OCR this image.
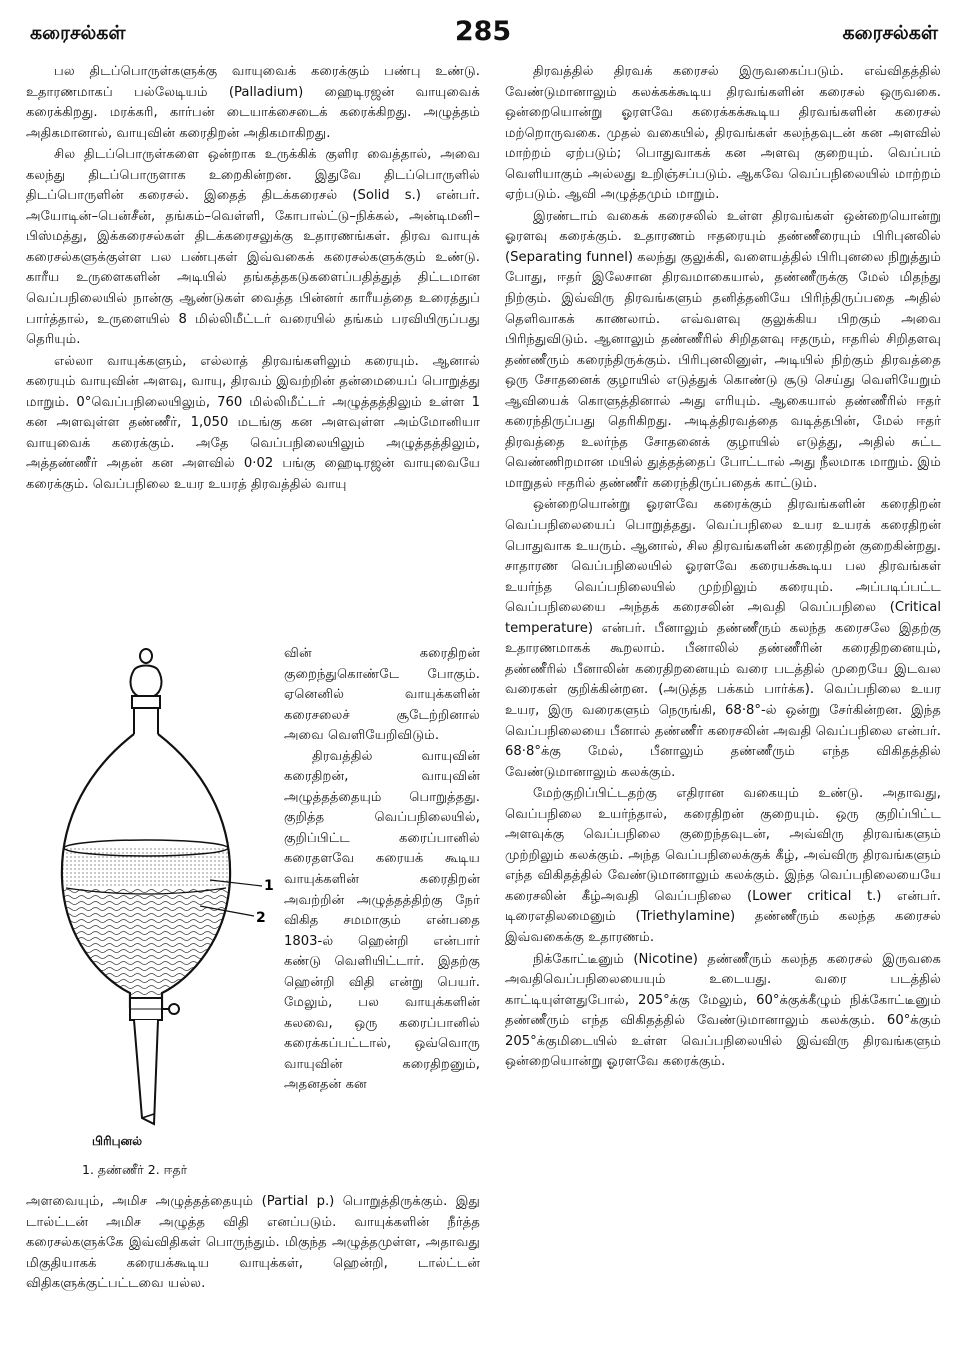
கரைசல்கள்	285	கரைசல்கள்

பல திடப்பொருள்களுக்கு வாயுவைக் கரைக்கும் பண்பு உண்டு. உதாரணமாகப் பல்லேடியம் (Palladium) ஹைடிரஜன் வாயுவைக் கரைக்கிறது. மரக்கரி, கார்பன் டையாக்சைடைக் கரைக்கிறது. அழுத்தம் அதிகமானால், வாயுவின் கரைதிறன் அதிகமாகிறது.

சில திடப்பொருள்களை ஒன்றாக உருக்கிக் குளிர வைத்தால், அவை கலந்து திடப்பொருளாக உறைகின்றன. இதுவே திடப்பொருளில் திடப்பொருளின் கரைசல். இதைத் திடக்கரைசல் (Solid s.) என்பர். அயோடின்–பென்சீன், தங்கம்–வெள்ளி, கோபால்ட்டு–நிக்கல், அன்டிமனி–பிஸ்மத்து, இக்கரைசல்கள் திடக்கரைசலுக்கு உதாரணங்கள். திரவ வாயுக் கரைசல்களுக்குள்ள பல பண்புகள் இவ்வகைக் கரைசல்களுக்கும் உண்டு. காரீய உருளைகளின் அடியில் தங்கத்தகடுகளைப்பதித்துத் திட்டமான வெப்பநிலையில் நான்கு ஆண்டுகள் வைத்த பின்னர் காரீயத்தை உரைத்துப் பார்த்தால், உருளையில் 8 மில்லிமீட்டர் வரையில் தங்கம் பரவியிருப்பது தெரியும்.

எல்லா வாயுக்களும், எல்லாத் திரவங்களிலும் கரையும். ஆனால் கரையும் வாயுவின் அளவு, வாயு, திரவம் இவற்றின் தன்மையைப் பொறுத்து மாறும். 0°வெப்பநிலையிலும், 760 மில்லிமீட்டர் அழுத்தத்திலும் உள்ள 1 கன அளவுள்ள தண்ணீர், 1,050 மடங்கு கன அளவுள்ள அம்மோனியா வாயுவைக் கரைக்கும். அதே வெப்பநிலையிலும் அழுத்தத்திலும், அத்தண்ணீர் அதன் கன அளவில் 0·02 பங்கு ஹைடிரஜன் வாயுவையே கரைக்கும். வெப்பநிலை உயர உயரத் திரவத்தில் வாயு

1
2
பிரிபுனல்
1. தண்ணீர் 2. ஈதர்

வின் கரைதிறன் குறைந்துகொண்டே போகும். ஏனெனில் வாயுக்களின் கரைசலைச் சூடேற்றினால் அவை வெளியேறிவிடும்.

திரவத்தில் வாயுவின் கரைதிறன், வாயுவின் அழுத்தத்தையும் பொறுத்தது. குறித்த வெப்பநிலையில், குறிப்பிட்ட கரைப்பானில் கரைதளவே கரையக் கூடிய வாயுக்களின் கரைதிறன் அவற்றின் அழுத்தத்திற்கு நேர் விகித சமமாகும் என்பதை 1803-ல் ஹென்றி என்பார் கண்டு வெளியிட்டார். இதற்கு ஹென்றி விதி என்று பெயர். மேலும், பல வாயுக்களின் கலவை, ஒரு கரைப்பானில் கரைக்கப்பட்டால், ஒவ்வொரு வாயுவின் கரைதிறனும், அதனதன் கன

அளவையும், அமிச அழுத்தத்தையும் (Partial p.) பொறுத்திருக்கும். இது டால்ட்டன் அமிச அழுத்த விதி எனப்படும். வாயுக்களின் நீர்த்த கரைசல்களுக்கே இவ்விதிகள் பொருந்தும். மிகுந்த அழுத்தமுள்ள, அதாவது மிகுதியாகக் கரையக்கூடிய வாயுக்கள், ஹென்றி, டால்ட்டன் விதிகளுக்குட்பட்டவை யல்ல.

திரவத்தில் திரவக் கரைசல் இருவகைப்படும். எவ்விதத்தில் வேண்டுமானாலும் கலக்கக்கூடிய திரவங்களின் கரைசல் ஒருவகை. ஒன்றையொன்று ஓரளவே கரைக்கக்கூடிய திரவங்களின் கரைசல் மற்றொருவகை. முதல் வகையில், திரவங்கள் கலந்தவுடன் கன அளவில் மாற்றம் ஏற்படும்; பொதுவாகக் கன அளவு குறையும். வெப்பம் வெளியாகும் அல்லது உறிஞ்சப்படும். ஆகவே வெப்பநிலையில் மாற்றம் ஏற்படும். ஆவி அழுத்தமும் மாறும்.

இரண்டாம் வகைக் கரைசலில் உள்ள திரவங்கள் ஒன்றையொன்று ஓரளவு கரைக்கும். உதாரணம் ஈதரையும் தண்ணீரையும் பிரிபுனலில் (Separating funnel) கலந்து குலுக்கி, வளையத்தில் பிரிபுனலை நிறுத்தும் போது, ஈதர் இலேசான திரவமாகையால், தண்ணீருக்கு மேல் மிதந்து நிற்கும். இவ்விரு திரவங்களும் தனித்தனியே பிரிந்திருப்பதை அதில் தெளிவாகக் காணலாம். எவ்வளவு குலுக்கிய பிறகும் அவை பிரிந்துவிடும். ஆனாலும் தண்ணீரில் சிறிதளவு ஈதரும், ஈதரில் சிறிதளவு தண்ணீரும் கரைந்திருக்கும். பிரிபுனலினுள், அடியில் நிற்கும் திரவத்தை ஒரு சோதனைக் குழாயில் எடுத்துக் கொண்டு சூடு செய்து வெளியேறும் ஆவியைக் கொளுத்தினால் அது எரியும். ஆகையால் தண்ணீரில் ஈதர் கரைந்திருப்பது தெரிகிறது. அடித்திரவத்தை வடித்தபின், மேல் ஈதர் திரவத்தை உலர்ந்த சோதனைக் குழாயில் எடுத்து, அதில் சுட்ட வெண்ணிறமான மயில் துத்தத்தைப் போட்டால் அது நீலமாக மாறும். இம் மாறுதல் ஈதரில் தண்ணீர் கரைந்திருப்பதைக் காட்டும்.

ஒன்றையொன்று ஓரளவே கரைக்கும் திரவங்களின் கரைதிறன் வெப்பநிலையைப் பொறுத்தது. வெப்பநிலை உயர உயரக் கரைதிறன் பொதுவாக உயரும். ஆனால், சில திரவங்களின் கரைதிறன் குறைகின்றது. சாதாரண வெப்பநிலையில் ஓரளவே கரையக்கூடிய பல திரவங்கள் உயர்ந்த வெப்பநிலையில் முற்றிலும் கரையும். அப்படிப்பட்ட வெப்பநிலையை அந்தக் கரைசலின் அவதி வெப்பநிலை (Critical temperature) என்பர். பீனாலும் தண்ணீரும் கலந்த கரைசலே இதற்கு உதாரணமாகக் கூறலாம். பீனாலில் தண்ணீரின் கரைதிறனையும், தண்ணீரில் பீனாலின் கரைதிறனையும் வரை படத்தில் முறையே இடவல வரைகள் குறிக்கின்றன. (அடுத்த பக்கம் பார்க்க). வெப்பநிலை உயர உயர, இரு வரைகளும் நெருங்கி, 68·8°-ல் ஒன்று சேர்கின்றன. இந்த வெப்பநிலையை பீனால் தண்ணீர் கரைசலின் அவதி வெப்பநிலை என்பர். 68·8°க்கு மேல், பீனாலும் தண்ணீரும் எந்த விகிதத்தில் வேண்டுமானாலும் கலக்கும்.

மேற்குறிப்பிட்டதற்கு எதிரான வகையும் உண்டு. அதாவது, வெப்பநிலை உயர்ந்தால், கரைதிறன் குறையும். ஒரு குறிப்பிட்ட அளவுக்கு வெப்பநிலை குறைந்தவுடன், அவ்விரு திரவங்களும் முற்றிலும் கலக்கும். அந்த வெப்பநிலைக்குக் கீழ், அவ்விரு திரவங்களும் எந்த விகிதத்தில் வேண்டுமானாலும் கலக்கும். இந்த வெப்பநிலையையே கரைசலின் கீழ்அவதி வெப்பநிலை (Lower critical t.) என்பர். டிரைஎதிலமைனும் (Triethylamine) தண்ணீரும் கலந்த கரைசல் இவ்வகைக்கு உதாரணம்.

நிக்கோட்டீனும் (Nicotine) தண்ணீரும் கலந்த கரைசல் இருவகை அவதிவெப்பநிலையையும் உடையது. வரை படத்தில் காட்டியுள்ளதுபோல், 205°க்கு மேலும், 60°க்குக்கீழும் நிக்கோட்டீனும் தண்ணீரும் எந்த விகிதத்தில் வேண்டுமானாலும் கலக்கும். 60°க்கும் 205°க்குமிடையில் உள்ள வெப்பநிலையில் இவ்விரு திரவங்களும் ஒன்றையொன்று ஓரளவே கரைக்கும்.
